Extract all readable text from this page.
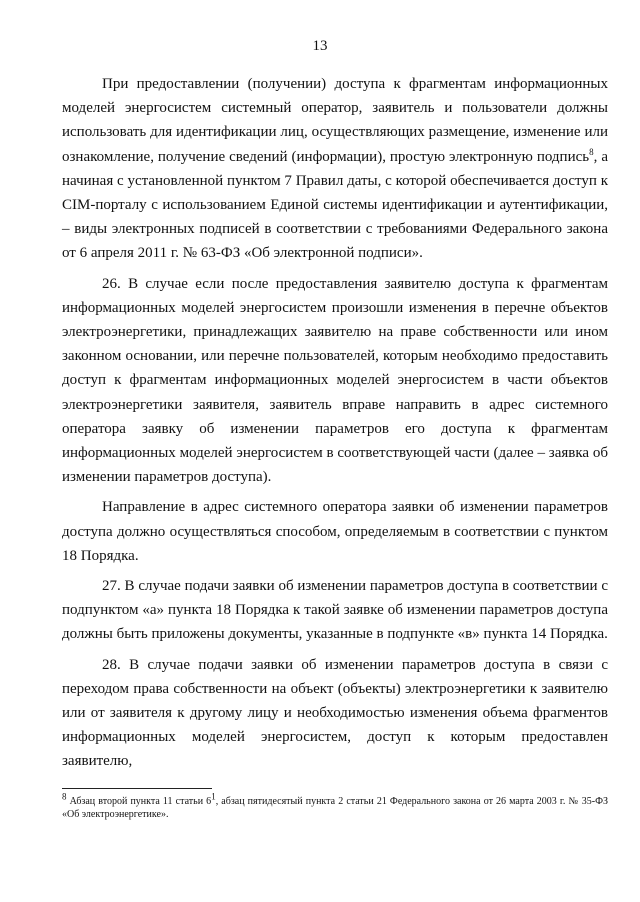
13

При предоставлении (получении) доступа к фрагментам информационных моделей энергосистем системный оператор, заявитель и пользователи должны использовать для идентификации лиц, осуществляющих размещение, изменение или ознакомление, получение сведений (информации), простую электронную подпись$^8$, а начиная с установленной пунктом 7 Правил даты, с которой обеспечивается доступ к CIM-порталу с использованием Единой системы идентификации и аутентификации, – виды электронных подписей в соответствии с требованиями Федерального закона от 6 апреля 2011 г. № 63-ФЗ «Об электронной подписи».

26. В случае если после предоставления заявителю доступа к фрагментам информационных моделей энергосистем произошли изменения в перечне объектов электроэнергетики, принадлежащих заявителю на праве собственности или ином законном основании, или перечне пользователей, которым необходимо предоставить доступ к фрагментам информационных моделей энергосистем в части объектов электроэнергетики заявителя, заявитель вправе направить в адрес системного оператора заявку об изменении параметров его доступа к фрагментам информационных моделей энергосистем в соответствующей части (далее – заявка об изменении параметров доступа).

Направление в адрес системного оператора заявки об изменении параметров доступа должно осуществляться способом, определяемым в соответствии с пунктом 18 Порядка.

27. В случае подачи заявки об изменении параметров доступа в соответствии с подпунктом «а» пункта 18 Порядка к такой заявке об изменении параметров доступа должны быть приложены документы, указанные в подпункте «в» пункта 14 Порядка.

28. В случае подачи заявки об изменении параметров доступа в связи с переходом права собственности на объект (объекты) электроэнергетики к заявителю или от заявителя к другому лицу и необходимостью изменения объема фрагментов информационных моделей энергосистем, доступ к которым предоставлен заявителю,

$^8$ Абзац второй пункта 11 статьи $6^1$, абзац пятидесятый пункта 2 статьи 21 Федерального закона от 26 марта 2003 г. № 35-ФЗ «Об электроэнергетике».
